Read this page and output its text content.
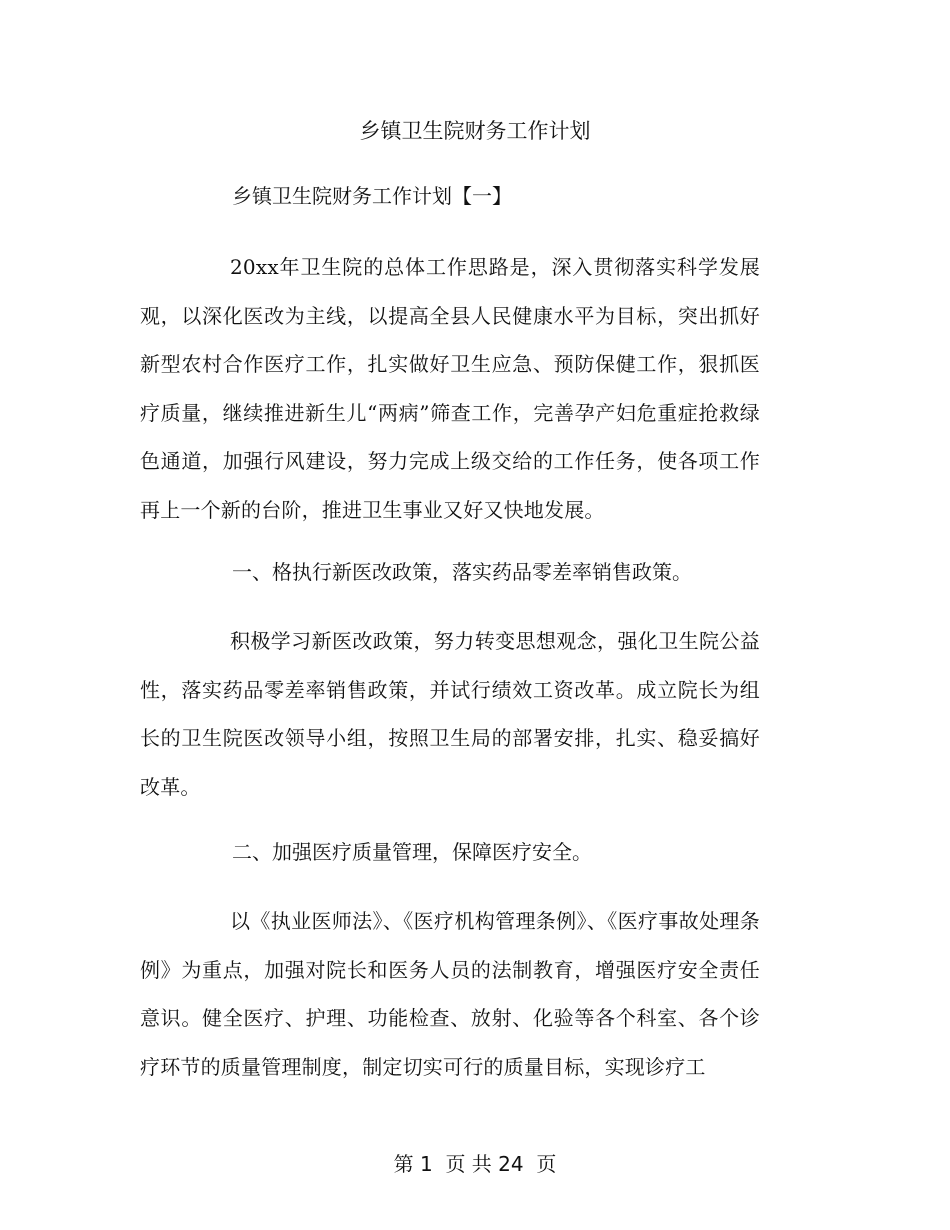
乡镇卫生院财务工作计划

乡镇卫生院财务工作计划【一】

20xx年卫生院的总体工作思路是，深入贯彻落实科学发展观，以深化医改为主线，以提高全县人民健康水平为目标，突出抓好新型农村合作医疗工作，扎实做好卫生应急、预防保健工作，狠抓医疗质量，继续推进新生儿“两病”筛查工作，完善孕产妇危重症抢救绿色通道，加强行风建设，努力完成上级交给的工作任务，使各项工作再上一个新的台阶，推进卫生事业又好又快地发展。

一、格执行新医改政策，落实药品零差率销售政策。

积极学习新医改政策，努力转变思想观念，强化卫生院公益性，落实药品零差率销售政策，并试行绩效工资改革。成立院长为组长的卫生院医改领导小组，按照卫生局的部署安排，扎实、稳妥搞好改革。

二、加强医疗质量管理，保障医疗安全。

以《执业医师法》、《医疗机构管理条例》、《医疗事故处理条例》为重点，加强对院长和医务人员的法制教育，增强医疗安全责任意识。健全医疗、护理、功能检查、放射、化验等各个科室、各个诊疗环节的质量管理制度，制定切实可行的质量目标，实现诊疗工

第 1  页 共 24  页
